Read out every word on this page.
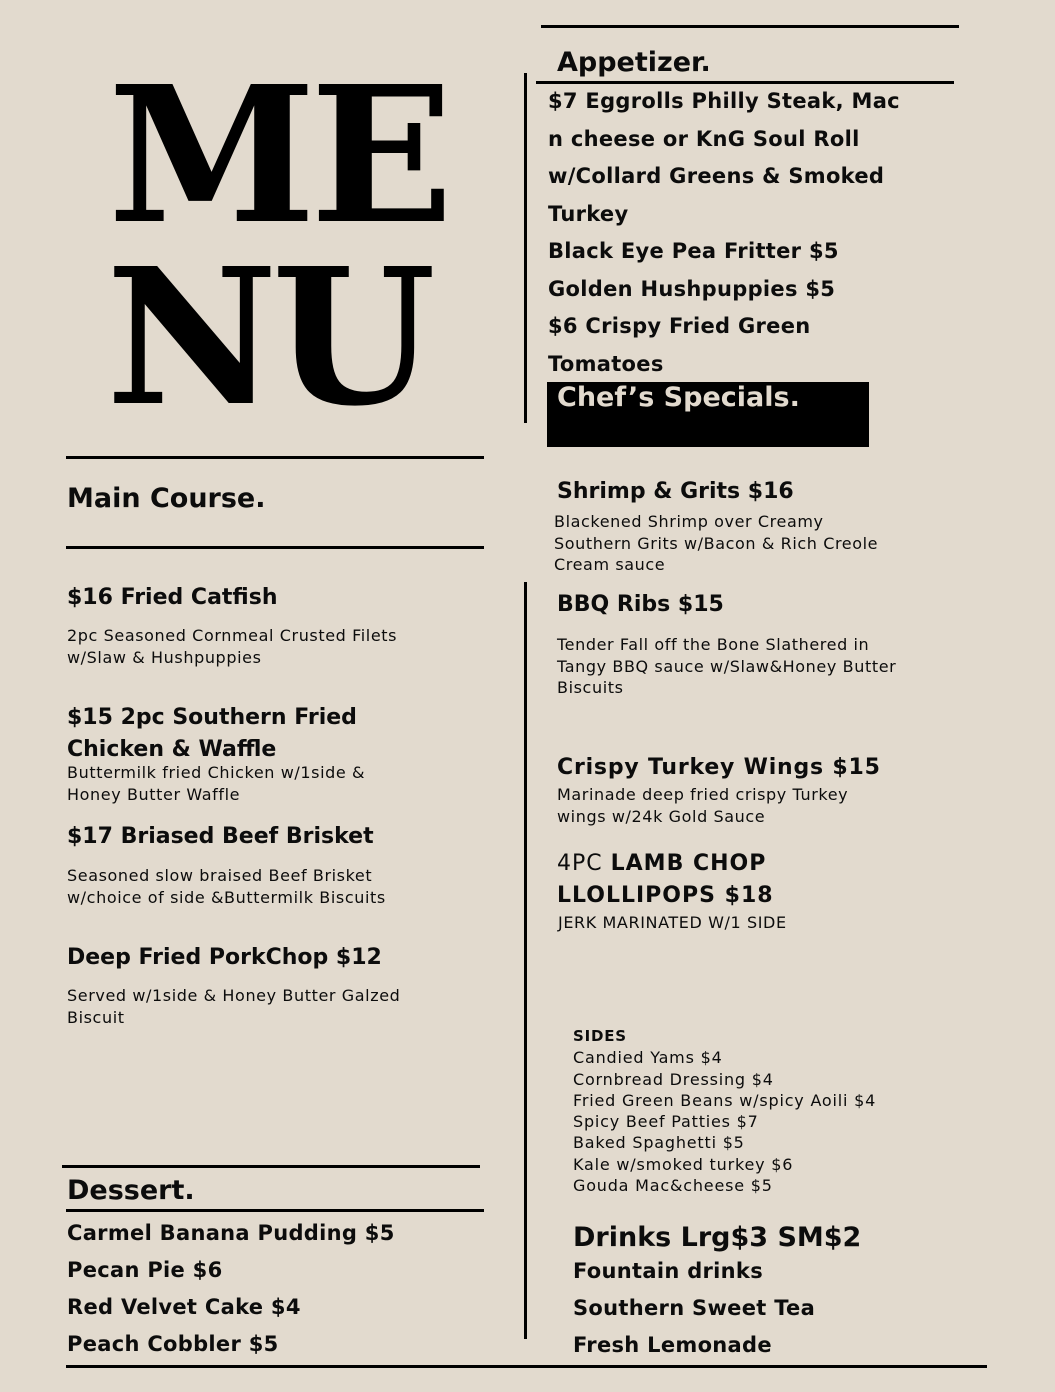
ME
NU
Main Course.
$16 Fried Catfish
2pc Seasoned Cornmeal Crusted Filets
w/Slaw & Hushpuppies
$15 2pc Southern Fried
Chicken & Waffle
Buttermilk fried Chicken w/1side &
Honey Butter Waffle
$17 Briased Beef Brisket
Seasoned slow braised Beef Brisket
w/choice of side &Buttermilk Biscuits
Deep Fried PorkChop $12
Served w/1side & Honey Butter Galzed
Biscuit
Dessert.
Carmel Banana Pudding $5
Pecan Pie $6
Red Velvet Cake $4
Peach Cobbler $5
Appetizer.
$7 Eggrolls Philly Steak, Mac
n cheese or KnG Soul Roll
w/Collard Greens & Smoked
Turkey
Black Eye Pea Fritter $5
Golden Hushpuppies $5
$6 Crispy Fried Green
Tomatoes
Chef’s Specials.
Shrimp & Grits $16
Blackened Shrimp over Creamy
Southern Grits w/Bacon & Rich Creole
Cream sauce
BBQ Ribs $15
Tender Fall off the Bone Slathered in
Tangy BBQ sauce w/Slaw&Honey Butter
Biscuits
Crispy Turkey Wings $15
Marinade deep fried crispy Turkey
wings w/24k Gold Sauce
4PC LAMB CHOP
LLOLLIPOPS $18
JERK MARINATED W/1 SIDE
SIDES
Candied Yams $4
Cornbread Dressing $4
Fried Green Beans w/spicy Aoili $4
Spicy Beef Patties $7
Baked Spaghetti $5
Kale w/smoked turkey $6
Gouda Mac&cheese $5
Drinks Lrg$3 SM$2
Fountain drinks
Southern Sweet Tea
Fresh Lemonade
